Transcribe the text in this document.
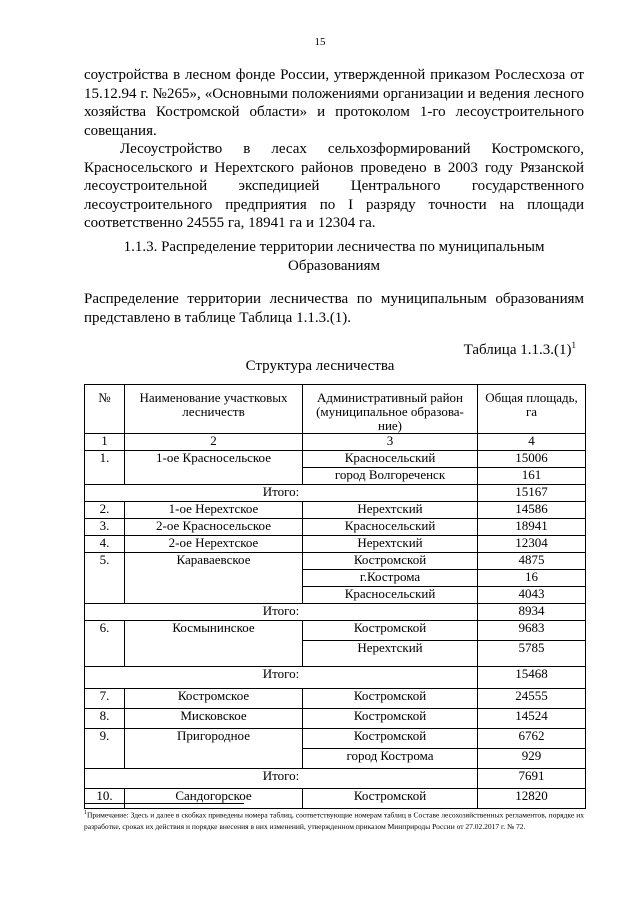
15

соустройства в лесном фонде России, утвержденной приказом Рослесхоза от 15.12.94 г. №265», «Основными положениями организации и ведения лесного хозяйства Костромской области» и протоколом 1-го лесоустроительного совещания.

Лесоустройство в лесах сельхозформирований Костромского, Красносельского и Нерехтского районов проведено в 2003 году Рязанской лесоустроительной экспедицией Центрального государственного лесоустроительного предприятия по I разряду точности на площади соответственно 24555 га, 18941 га и 12304 га.

1.1.3. Распределение территории лесничества по муниципальным Образованиям

Распределение территории лесничества по муниципальным образованиям представлено в таблице Таблица 1.1.3.(1).

Таблица $1.1.3.(1)^1$
Структура лесничества
№	Наименование участковых лесничеств	Административный район (муниципальное образова-ние)	Общая площадь, га
1	2	3	4
1.	1-ое Красносельское	Красносельский	15006
		город Волгореченск	161
Итого:			15167
2.	1-ое Нерехтское	Нерехтский	14586
3.	2-ое Красносельское	Красносельский	18941
4.	2-ое Нерехтское	Нерехтский	12304
5.	Караваевское	Костромской	4875
		г.Кострома	16
		Красносельский	4043
Итого:			8934
6.	Космынинское	Костромской	9683
		Нерехтский	5785
Итого:			15468
7.	Костромское	Костромской	24555
8.	Мисковское	Костромской	14524
9.	Пригородное	Костромской	6762
		город Кострома	929
Итого:			7691
10.	Сандогорское	Костромской	12820

$^1$Примечание: Здесь и далее в скобках приведены номера таблиц, соответствующие номерам таблиц в Составе лесохозяйственных регламентов, порядке их разработке, сроках их действия и порядке внесения в них изменений, утвержденном приказом Минприроды России от 27.02.2017 г. № 72.
